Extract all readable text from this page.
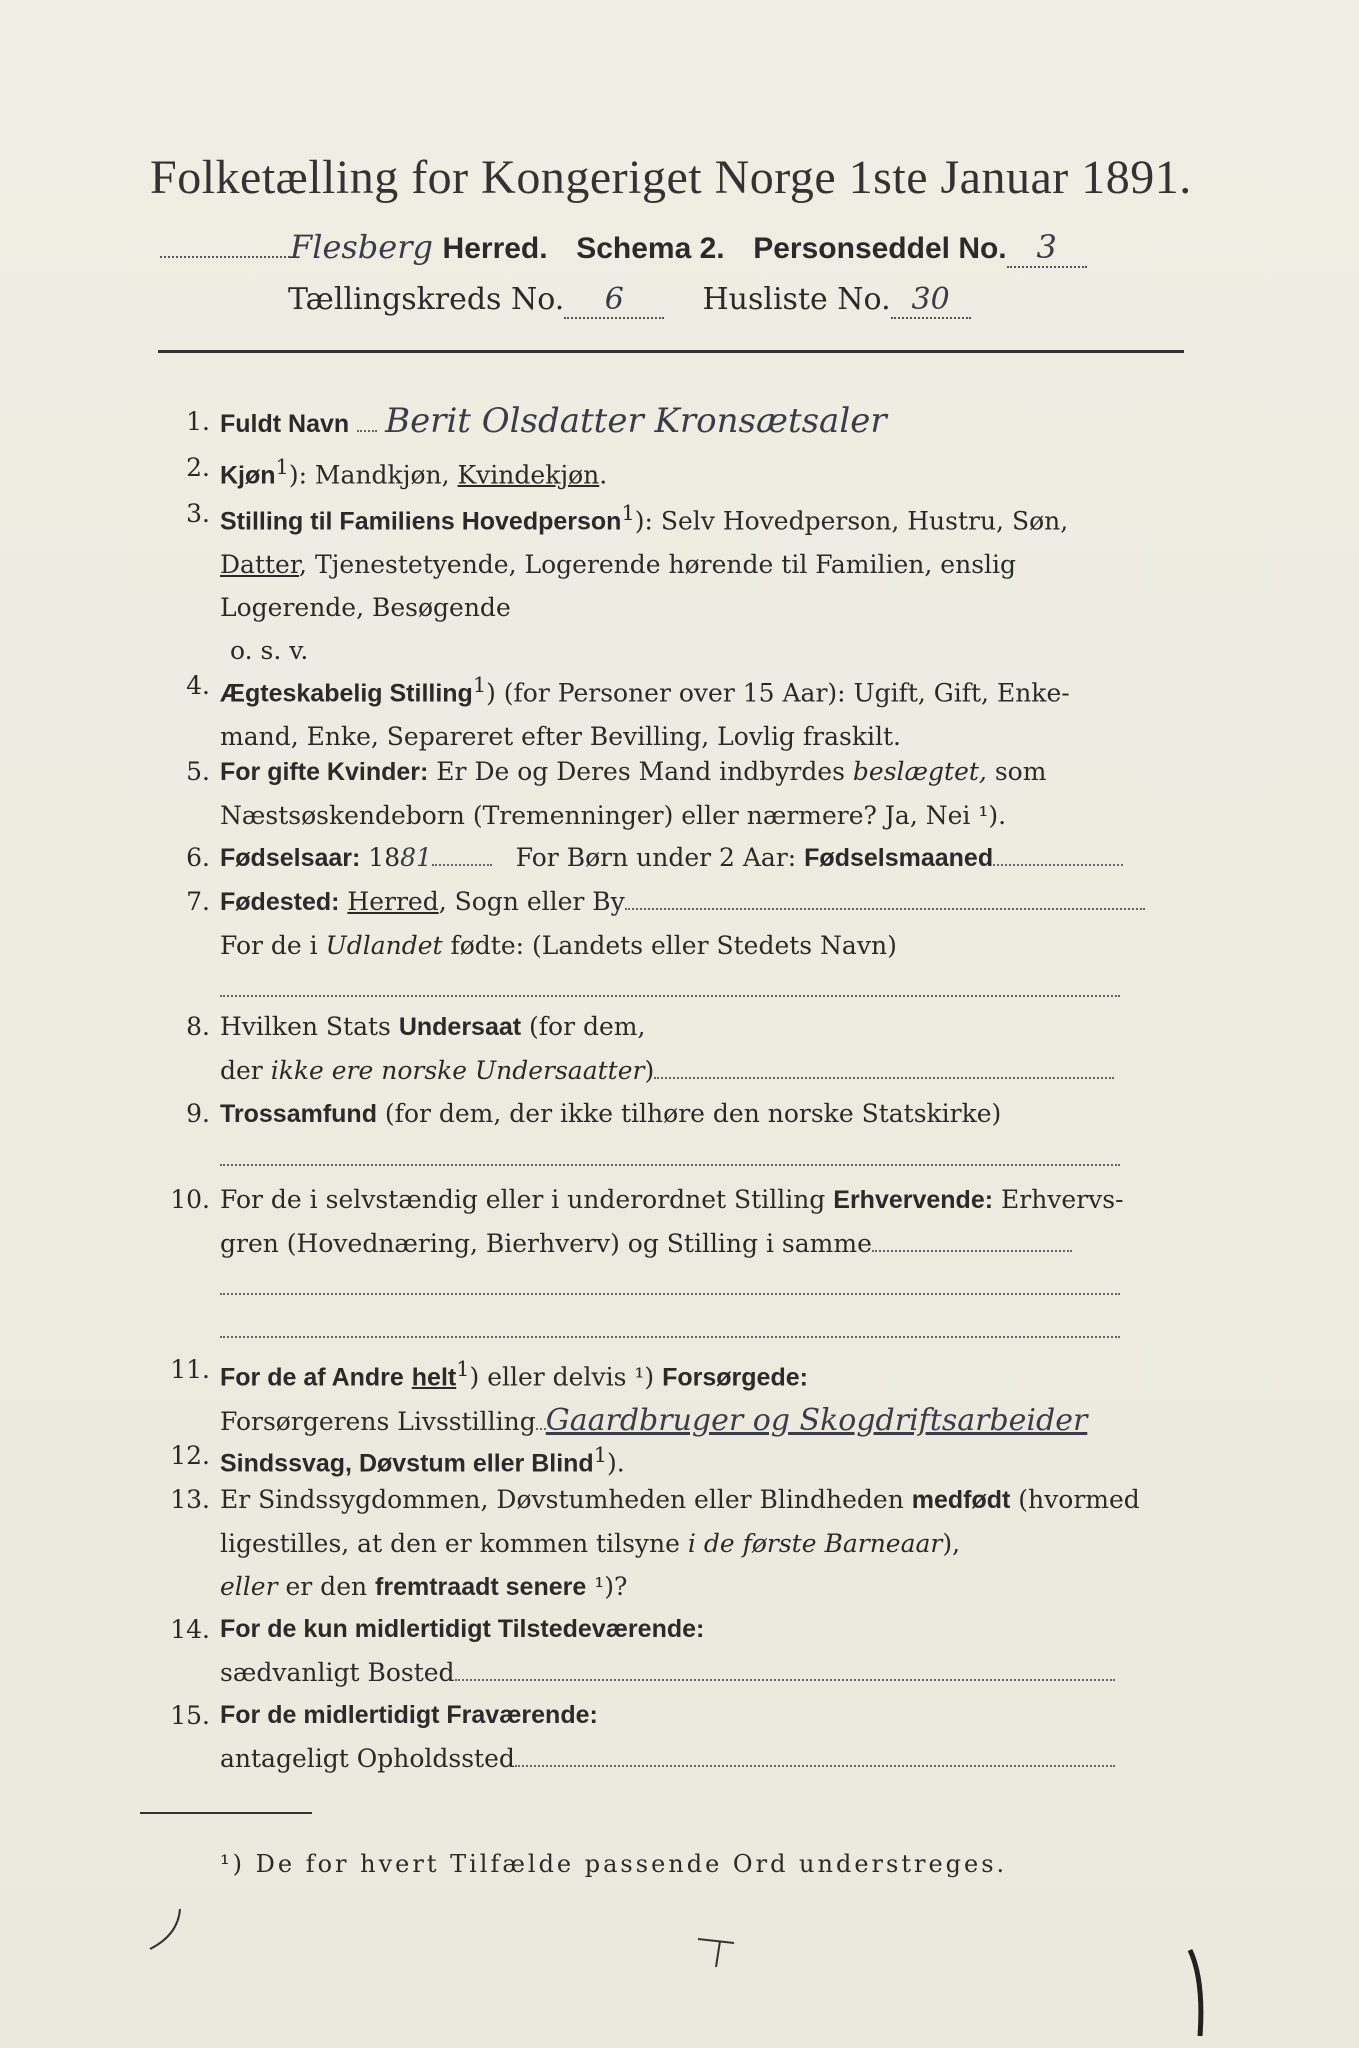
Folketælling for Kongeriget Norge 1ste Januar 1891.
Flesberg Herred. Schema 2. Personseddel No. 3
Tællingskreds No. 6	Husliste No. 30
1. Fuldt Navn Berit Olsdatter Kronsætsaler
2. Kjøn$^1$): Mandkjøn, Kvindekjøn.
3. Stilling til Familiens Hovedperson$^1$): Selv Hovedperson, Hustru, Søn,
Datter, Tjenestetyende, Logerende hørende til Familien, enslig
Logerende, Besøgende
o. s. v.
4. Ægteskabelig Stilling$^1$) (for Personer over 15 Aar): Ugift, Gift, Enke-
mand, Enke, Separeret efter Bevilling, Lovlig fraskilt.
5. For gifte Kvinder: Er De og Deres Mand indbyrdes beslægtet, som
Næstsøskendeborn (Tremenninger) eller nærmere? Ja, Nei ¹).
6. Fødselsaar: 1881	For Børn under 2 Aar: Fødselsmaaned
7. Fødested: Herred, Sogn eller By
For de i Udlandet fødte: (Landets eller Stedets Navn)
8. Hvilken Stats Undersaat (for dem,
der ikke ere norske Undersaatter)
9. Trossamfund (for dem, der ikke tilhøre den norske Statskirke)
10. For de i selvstændig eller i underordnet Stilling Erhvervende: Erhvervs-
gren (Hovednæring, Bierhverv) og Stilling i samme
11. For de af Andre helt$^1$) eller delvis ¹) Forsørgede:
Forsørgerens Livsstilling Gaardbruger og Skogdriftsarbeider
12. Sindssvag, Døvstum eller Blind$^1$).
13. Er Sindssygdommen, Døvstumheden eller Blindheden medfødt (hvormed
ligestilles, at den er kommen tilsyne i de første Barneaar),
eller er den fremtraadt senere ¹)?
14. For de kun midlertidigt Tilstedeværende:
sædvanligt Bosted
15. For de midlertidigt Fraværende:
antageligt Opholdssted
¹) De for hvert Tilfælde passende Ord understreges.
